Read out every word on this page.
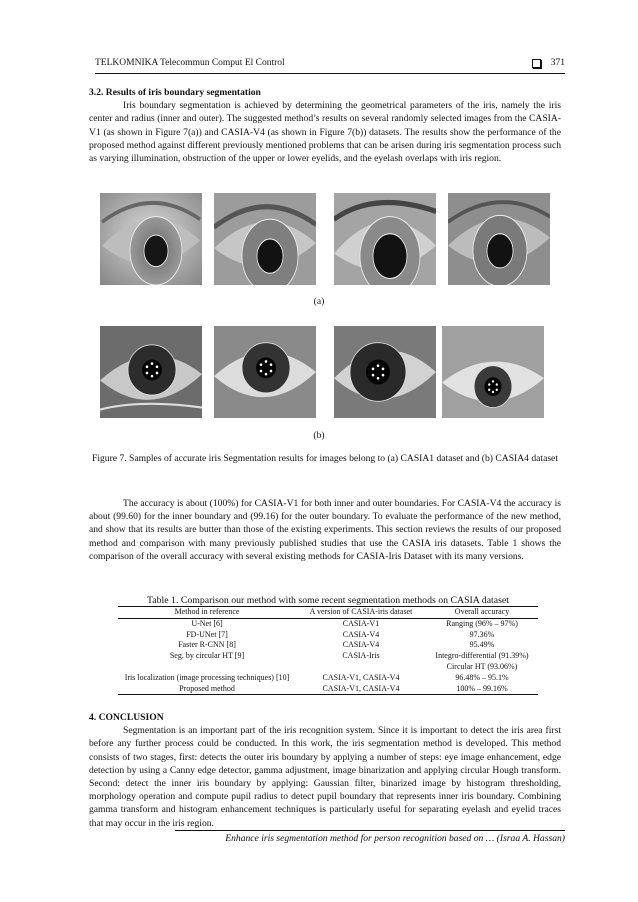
TELKOMNIKA Telecommun Comput El Control	371
3.2. Results of iris boundary segmentation
Iris boundary segmentation is achieved by determining the geometrical parameters of the iris, namely the iris center and radius (inner and outer). The suggested method’s results on several randomly selected images from the CASIA-V1 (as shown in Figure 7(a)) and CASIA-V4 (as shown in Figure 7(b)) datasets. The results show the performance of the proposed method against different previously mentioned problems that can be arisen during iris segmentation process such as varying illumination, obstruction of the upper or lower eyelids, and the eyelash overlaps with iris region.
(a)
(b)
Figure 7. Samples of accurate iris Segmentation results for images belong to (a) CASIA1 dataset and (b) CASIA4 dataset
The accuracy is about (100%) for CASIA-V1 for both inner and outer boundaries. For CASIA-V4 the accuracy is about (99.60) for the inner boundary and (99.16) for the outer boundary. To evaluate the performance of the new method, and show that its results are butter than those of the existing experiments. This section reviews the results of our proposed method and comparison with many previously published studies that use the CASIA iris datasets. Table 1 shows the comparison of the overall accuracy with several existing methods for CASIA-Iris Dataset with its many versions.
Table 1. Comparison our method with some recent segmentation methods on CASIA dataset
Method in reference	A version of CASIA-iris dataset	Overall accuracy
U-Net [6]	CASIA-V1	Ranging (96% – 97%)
FD-UNet [7]	CASIA-V4	97.36%
Faster R-CNN [8]	CASIA-V4	95.49%
Seg. by circular HT [9]	CASIA-Iris	Integro-differential (91.39%)
		Circular HT (93.06%)
Iris localization (image processing techniques) [10]	CASIA-V1, CASIA-V4	96.48% – 95.1%
Proposed method	CASIA-V1, CASIA-V4	100% – 99.16%
4. CONCLUSION
Segmentation is an important part of the iris recognition system. Since it is important to detect the iris area first before any further process could be conducted. In this work, the iris segmentation method is developed. This method consists of two stages, first: detects the outer iris boundary by applying a number of steps: eye image enhancement, edge detection by using a Canny edge detector, gamma adjustment, image binarization and applying circular Hough transform. Second: detect the inner iris boundary by applying: Gaussian filter, binarized image by histogram thresholding, morphology operation and compute pupil radius to detect pupil boundary that represents inner iris boundary. Combining gamma transform and histogram enhancement techniques is particularly useful for separating eyelash and eyelid traces that may occur in the iris region.
Enhance iris segmentation method for person recognition based on … (Israa A. Hassan)
